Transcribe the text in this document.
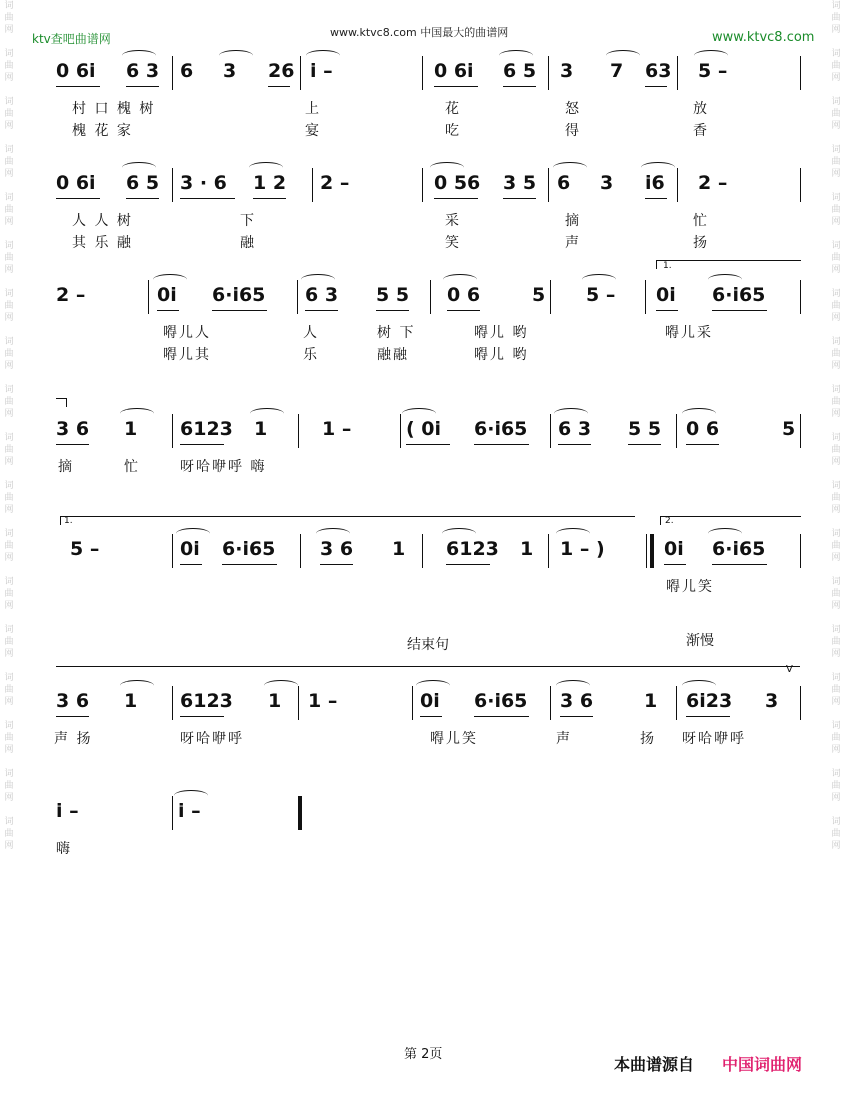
词
曲
网

词
曲
网

词
曲
网

词
曲
网

词
曲
网

词
曲
网

词
曲
网

词
曲
网

词
曲
网

词
曲
网

词
曲
网

词
曲
网

词
曲
网

词
曲
网

词
曲
网

词
曲
网

词
曲
网

词
曲
网

词
曲
网

词
曲
网

词
曲
网

词
曲
网

词
曲
网

词
曲
网

词
曲
网

词
曲
网

词
曲
网

词
曲
网

词
曲
网

词
曲
网

词
曲
网

词
曲
网

词
曲
网

词
曲
网

词
曲
网

词
曲
网

ktv查吧曲谱网	www.ktvc8.com 中国最大的曲谱网	www.ktvc8.com
0 6i 6 3 6 3 26 i –	0 6i 6 5 3 7 63 5 –
村 口 槐 树	上	花	怒	放
槐 花 家	宴	吃	得	香
0 6i 6 5 3 · 6 1 2 2 –	0 56 3 5 6 3 i6 2 –
人 人 树	下	采	摘	忙
其 乐 融	融	笑	声	扬
2 –	0i 6·i65 6 3 5 5 0 6	5 5 – 0i 6·i65
嘚儿人	人	树 下	嘚儿 哟	嘚儿采
嘚儿其	乐	融融	嘚儿 哟
3 6 1 6123 1	1 –	( 0i 6·i65 6 3 5 5 0 6	5
摘	忙	呀哈咿呼 嗨
5 –	0i 6·i65 3 6 1 6123 1 1 – )	0i 6·i65
嘚儿笑
3 6 1 6123 1 1 –	0i 6·i65 3 6	1 6i23 3
声 扬	呀哈咿呼	嘚儿笑	声	扬 呀哈咿呼
i –	i –
嗨
结束句	渐慢
V
1.
1.	2.
第 2页
本曲谱源自 中国词曲网
